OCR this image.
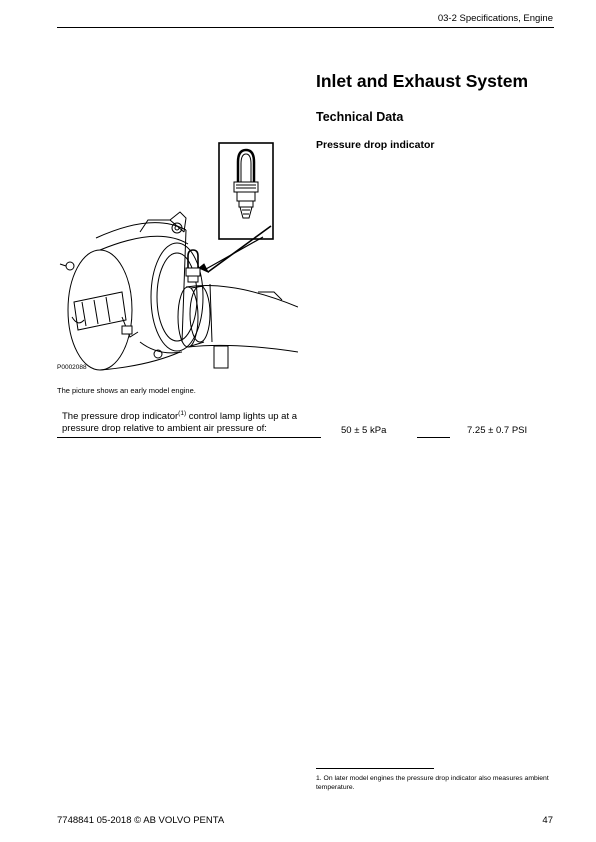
03-2 Specifications, Engine
Inlet and Exhaust System
Technical Data
Pressure drop indicator
P0002088
The picture shows an early model engine.
The pressure drop indicator$^{(1)}$ control lamp lights up at a pressure drop relative to ambient air pressure of:	50 ± 5 kPa	7.25 ± 0.7 PSI
1. On later model engines the pressure drop indicator also measures ambient temperature.
7748841 05-2018 © AB VOLVO PENTA	47
